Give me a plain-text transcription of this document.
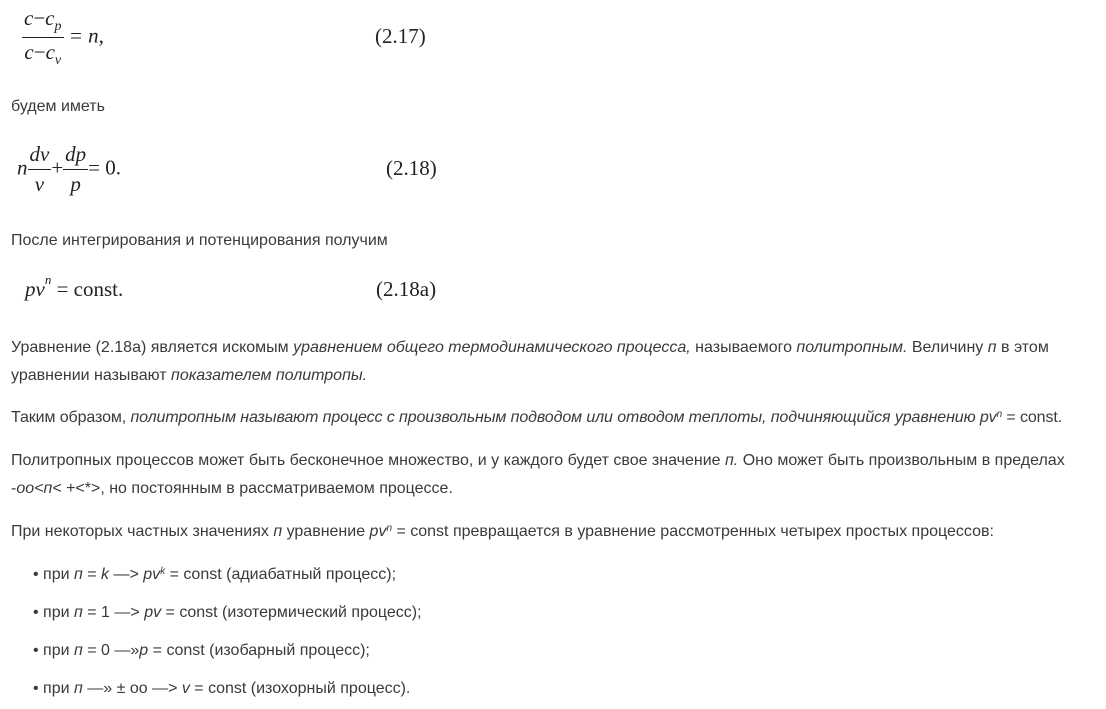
$\frac{c-c_p}{c-c_v} = n$,	(2.17)
будем иметь
n $\frac{dv}{v} + \frac{dp}{p} = 0$.	(2.18)
После интегрирования и потенцирования получим
$pv^n$ = const.	(2.18а)
Уравнение (2.18а) является искомым уравнением общего термодинамического процесса, называемого политропным. Величину п в этом уравнении называют показателем политропы.
Таким образом, политропным называют процесс с произвольным подводом или отводом теплоты, подчиняющийся уравнению $pv^n$ = const.
Политропных процессов может быть бесконечное множество, и у каждого будет свое значение п. Оно может быть произвольным в пределах -оо<п< +<*>, но постоянным в рассматриваемом процессе.
При некоторых частных значениях п уравнение $pv^n$ = const превращается в уравнение рассмотренных четырех простых процессов:
• при п = k —> $pv^k$ = const (адиабатный процесс);
• при п = 1 —> pv = const (изотермический процесс);
• при п = 0 —»p = const (изобарный процесс);
• при п —» ± оо —> v = const (изохорный процесс).
